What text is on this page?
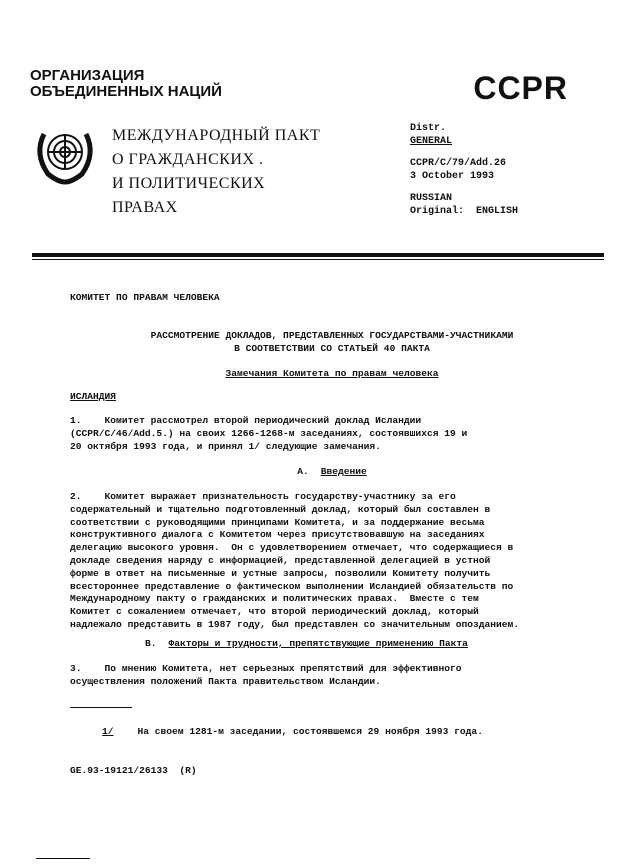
ОРГАНИЗАЦИЯ
ОБЪЕДИНЕННЫХ НАЦИЙ	CCPR
МЕЖДУНАРОДНЫЙ ПАКТ
О ГРАЖДАНСКИХ .
И ПОЛИТИЧЕСКИХ
ПРАВАХ
Distr.
GENERAL
CCPR/C/79/Add.26
3 October 1993
RUSSIAN
Original:  ENGLISH
КОМИТЕТ ПО ПРАВАМ ЧЕЛОВЕКА
РАССМОТРЕНИЕ ДОКЛАДОВ, ПРЕДСТАВЛЕННЫХ ГОСУДАРСТВАМИ-УЧАСТНИКАМИ
В СООТВЕТСТВИИ СО СТАТЬЕЙ 40 ПАКТА
Замечания Комитета по правам человека
ИСЛАНДИЯ
1.    Комитет рассмотрел второй периодический доклад Исландии
(CCPR/C/46/Add.5.) на своих 1266-1268-м заседаниях, состоявшихся 19 и
20 октября 1993 года, и принял 1/ следующие замечания.
A. Введение
2.    Комитет выражает признательность государству-участнику за его
содержательный и тщательно подготовленный доклад, который был составлен в
соответствии с руководящими принципами Комитета, и за поддержание весьма
конструктивного диалога с Комитетом через присутствовавшую на заседаниях
делегацию высокого уровня.  Он с удовлетворением отмечает, что содержащиеся в
докладе сведения наряду с информацией, представленной делегацией в устной
форме в ответ на письменные и устные запросы, позволили Комитету получить
всестороннее представление о фактическом выполнении Исландией обязательств по
Международному пакту о гражданских и политических правах.  Вместе с тем
Комитет с сожалением отмечает, что второй периодический доклад, который
надлежало представить в 1987 году, был представлен со значительным опозданием.
B. Факторы и трудности, препятствующие применению Пакта
3.    По мнению Комитета, нет серьезных препятствий для эффективного
осуществления положений Пакта правительством Исландии.
1/	На своем 1281-м заседании, состоявшемся 29 ноября 1993 года.
GE.93-19121/26133  (R)
